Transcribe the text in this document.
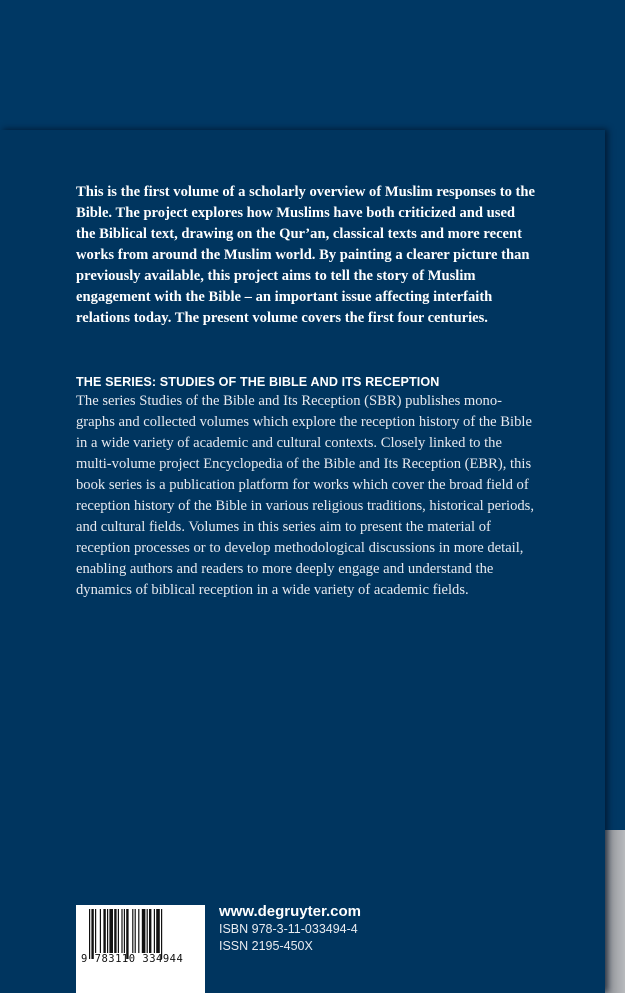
This is the first volume of a scholarly overview of Muslim responses to the Bible. The project explores how Muslims have both criticized and used the Biblical text, drawing on the Qur’an, classical texts and more recent works from around the Muslim world. By painting a clearer picture than previously available, this project aims to tell the story of Muslim engagement with the Bible – an important issue affecting interfaith relations today. The present volume covers the first four centuries.

THE SERIES: STUDIES OF THE BIBLE AND ITS RECEPTION

The series Studies of the Bible and Its Reception (SBR) publishes mono-graphs and collected volumes which explore the reception history of the Bible in a wide variety of academic and cultural contexts. Closely linked to the multi-volume project Encyclopedia of the Bible and Its Reception (EBR), this book series is a publication platform for works which cover the broad field of reception history of the Bible in various religious traditions, historical periods, and cultural fields. Volumes in this series aim to present the material of reception processes or to develop methodological discussions in more detail, enabling authors and readers to more deeply engage and understand the dynamics of biblical reception in a wide variety of academic fields.

9 783110 334944
www.degruyter.com
ISBN 978-3-11-033494-4
ISSN 2195-450X
